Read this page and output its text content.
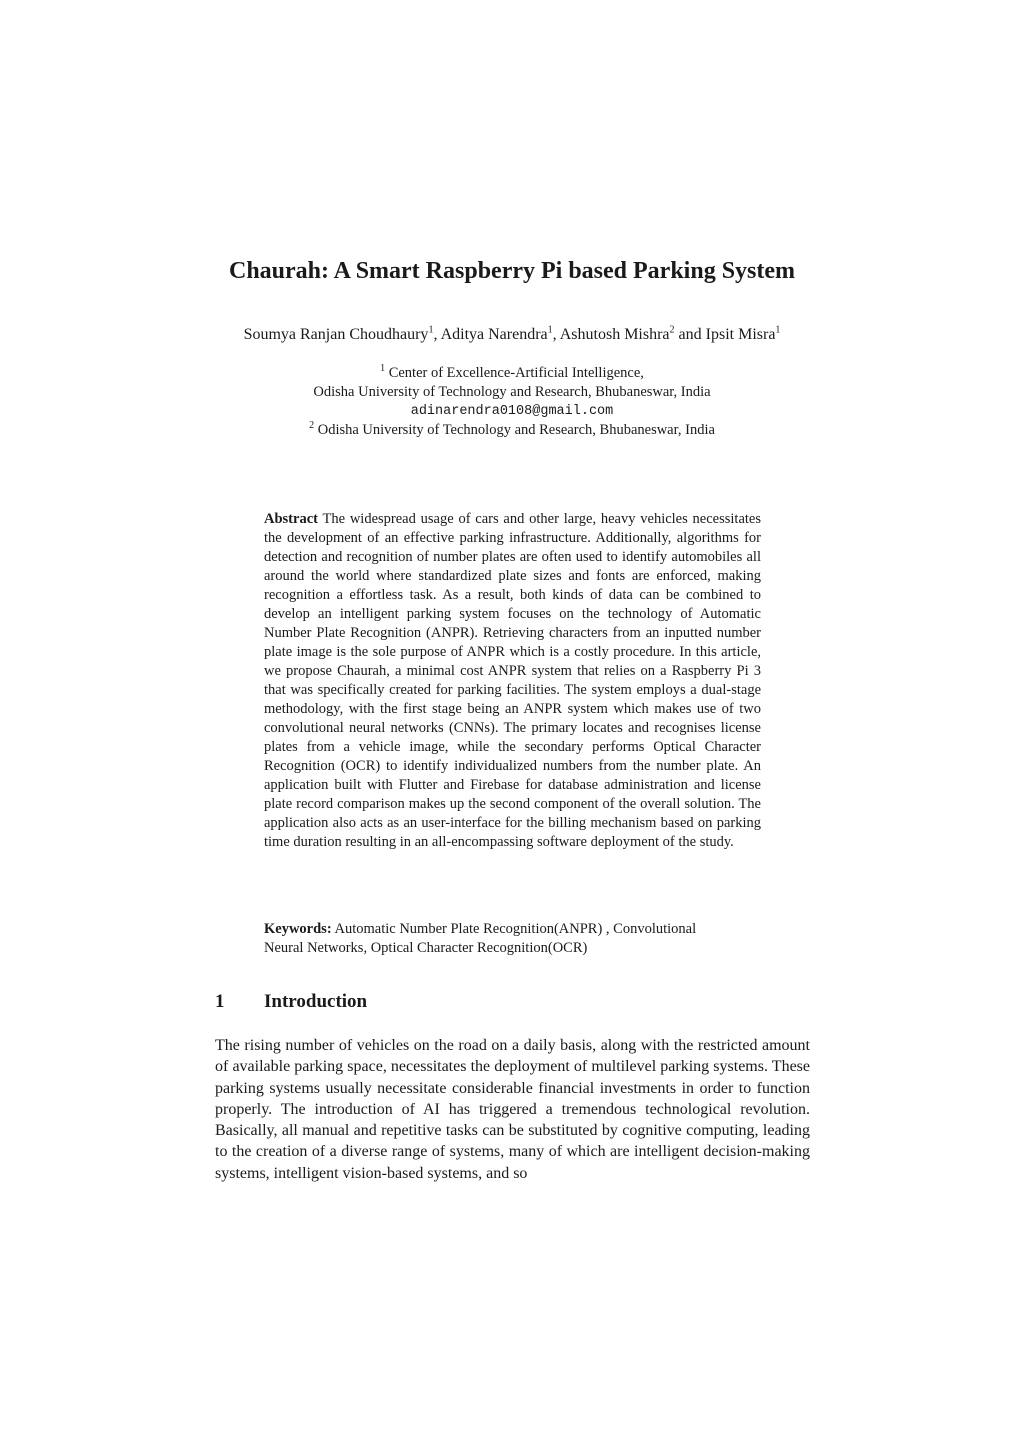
Chaurah: A Smart Raspberry Pi based Parking System
Soumya Ranjan Choudhaury$^1$, Aditya Narendra$^1$, Ashutosh Mishra$^2$ and Ipsit Misra$^1$
$^1$ Center of Excellence-Artificial Intelligence,
Odisha University of Technology and Research, Bhubaneswar, India
adinarendra0108@gmail.com
$^2$ Odisha University of Technology and Research, Bhubaneswar, India

Abstract The widespread usage of cars and other large, heavy vehicles necessitates the development of an effective parking infrastructure. Additionally, algorithms for detection and recognition of number plates are often used to identify automobiles all around the world where standardized plate sizes and fonts are enforced, making recognition a effortless task. As a result, both kinds of data can be combined to develop an intelligent parking system focuses on the technology of Automatic Number Plate Recognition (ANPR). Retrieving characters from an inputted number plate image is the sole purpose of ANPR which is a costly procedure. In this article, we propose Chaurah, a minimal cost ANPR system that relies on a Raspberry Pi 3 that was specifically created for parking facilities. The system employs a dual-stage methodology, with the first stage being an ANPR system which makes use of two convolutional neural networks (CNNs). The primary locates and recognises license plates from a vehicle image, while the secondary performs Optical Character Recognition (OCR) to identify individualized numbers from the number plate. An application built with Flutter and Firebase for database administration and license plate record comparison makes up the second component of the overall solution. The application also acts as an user-interface for the billing mechanism based on parking time duration resulting in an all-encompassing software deployment of the study.

Keywords: Automatic Number Plate Recognition(ANPR) , Convolutional
Neural Networks, Optical Character Recognition(OCR)

1 Introduction

The rising number of vehicles on the road on a daily basis, along with the restricted amount of available parking space, necessitates the deployment of multilevel parking systems. These parking systems usually necessitate considerable financial investments in order to function properly. The introduction of AI has triggered a tremendous technological revolution. Basically, all manual and repetitive tasks can be substituted by cognitive computing, leading to the creation of a diverse range of systems, many of which are intelligent decision-making systems, intelligent vision-based systems, and so
